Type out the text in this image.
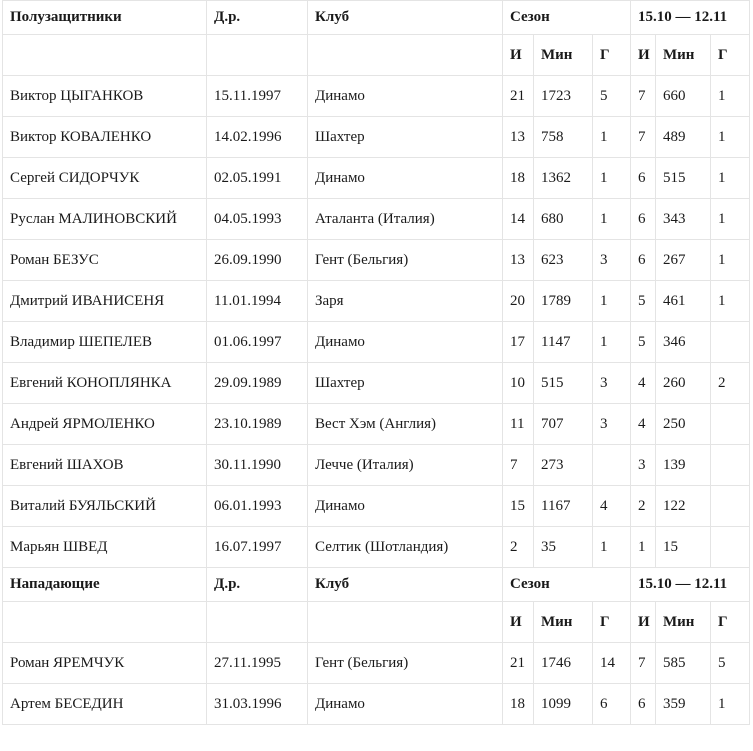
Полузащитники	Д.р.	Клуб	Сезон			15.10 — 12.11		
			И	Мин	Г	И	Мин	Г
Виктор ЦЫГАНКОВ	15.11.1997	Динамо	21	1723	5	7	660	1
Виктор КОВАЛЕНКО	14.02.1996	Шахтер	13	758	1	7	489	1
Сергей СИДОРЧУК	02.05.1991	Динамо	18	1362	1	6	515	1
Руслан МАЛИНОВСКИЙ	04.05.1993	Аталанта (Италия)	14	680	1	6	343	1
Роман БЕЗУС	26.09.1990	Гент (Бельгия)	13	623	3	6	267	1
Дмитрий ИВАНИСЕНЯ	11.01.1994	Заря	20	1789	1	5	461	1
Владимир ШЕПЕЛЕВ	01.06.1997	Динамо	17	1147	1	5	346	
Евгений КОНОПЛЯНКА	29.09.1989	Шахтер	10	515	3	4	260	2
Андрей ЯРМОЛЕНКО	23.10.1989	Вест Хэм (Англия)	11	707	3	4	250	
Евгений ШАХОВ	30.11.1990	Лечче (Италия)	7	273		3	139	
Виталий БУЯЛЬСКИЙ	06.01.1993	Динамо	15	1167	4	2	122	
Марьян ШВЕД	16.07.1997	Селтик (Шотландия)	2	35	1	1	15	
Нападающие	Д.р.	Клуб	Сезон			15.10 — 12.11		
			И	Мин	Г	И	Мин	Г
Роман ЯРЕМЧУК	27.11.1995	Гент (Бельгия)	21	1746	14	7	585	5
Артем БЕСЕДИН	31.03.1996	Динамо	18	1099	6	6	359	1
